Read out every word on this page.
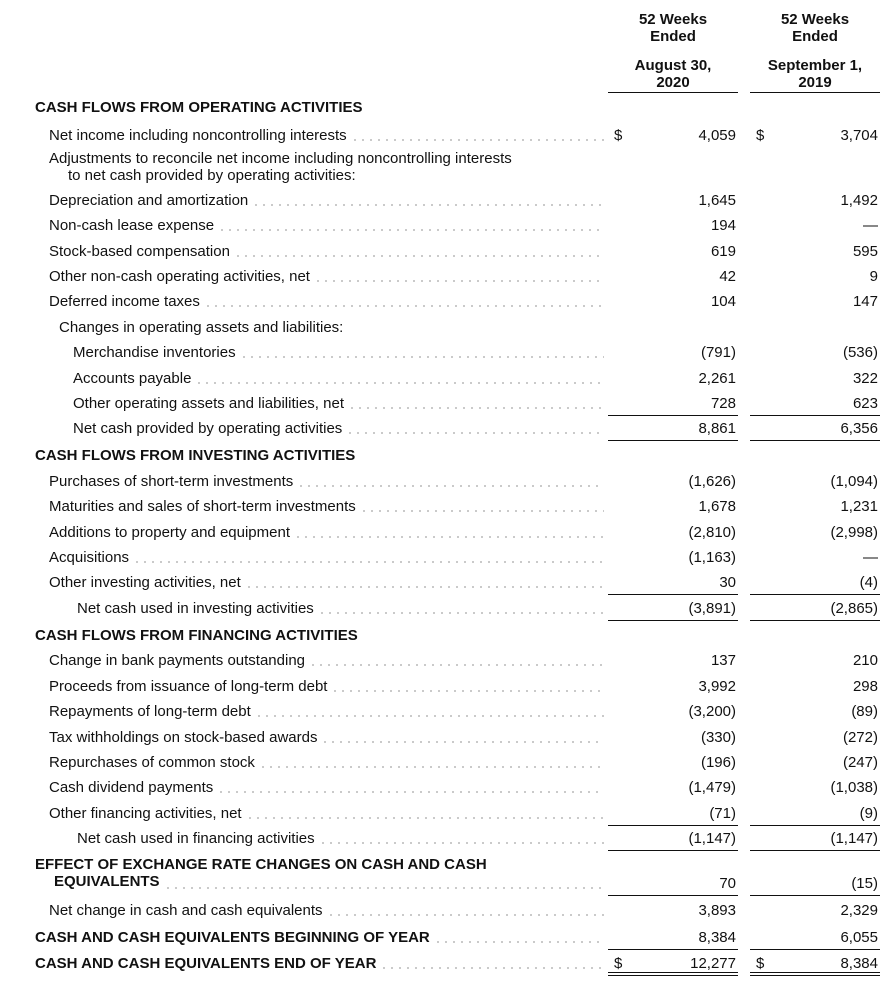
52 Weeks
Ended
August 30,
2020
52 Weeks
Ended
September 1,
2019
CASH FLOWS FROM OPERATING ACTIVITIES
Net income including noncontrolling interests	$	4,059 $	3,704
Adjustments to reconcile net income including noncontrolling interests
to net cash provided by operating activities:
Depreciation and amortization	1,645	1,492
Non-cash lease expense	194	—
Stock-based compensation	619	595
Other non-cash operating activities, net	42	9
Deferred income taxes	104	147
Changes in operating assets and liabilities:
Merchandise inventories	(791)	(536)
Accounts payable	2,261	322
Other operating assets and liabilities, net	728	623
Net cash provided by operating activities	8,861	6,356
CASH FLOWS FROM INVESTING ACTIVITIES
Purchases of short-term investments	(1,626)	(1,094)
Maturities and sales of short-term investments	1,678	1,231
Additions to property and equipment	(2,810)	(2,998)
Acquisitions	(1,163)	—
Other investing activities, net	30	(4)
Net cash used in investing activities	(3,891)	(2,865)
CASH FLOWS FROM FINANCING ACTIVITIES
Change in bank payments outstanding	137	210
Proceeds from issuance of long-term debt	3,992	298
Repayments of long-term debt	(3,200)	(89)
Tax withholdings on stock-based awards	(330)	(272)
Repurchases of common stock	(196)	(247)
Cash dividend payments	(1,479)	(1,038)
Other financing activities, net	(71)	(9)
Net cash used in financing activities	(1,147)	(1,147)
EFFECT OF EXCHANGE RATE CHANGES ON CASH AND CASH
EQUIVALENTS	70	(15)
Net change in cash and cash equivalents	3,893	2,329
CASH AND CASH EQUIVALENTS BEGINNING OF YEAR	8,384	6,055
CASH AND CASH EQUIVALENTS END OF YEAR	$	12,277 $	8,384
